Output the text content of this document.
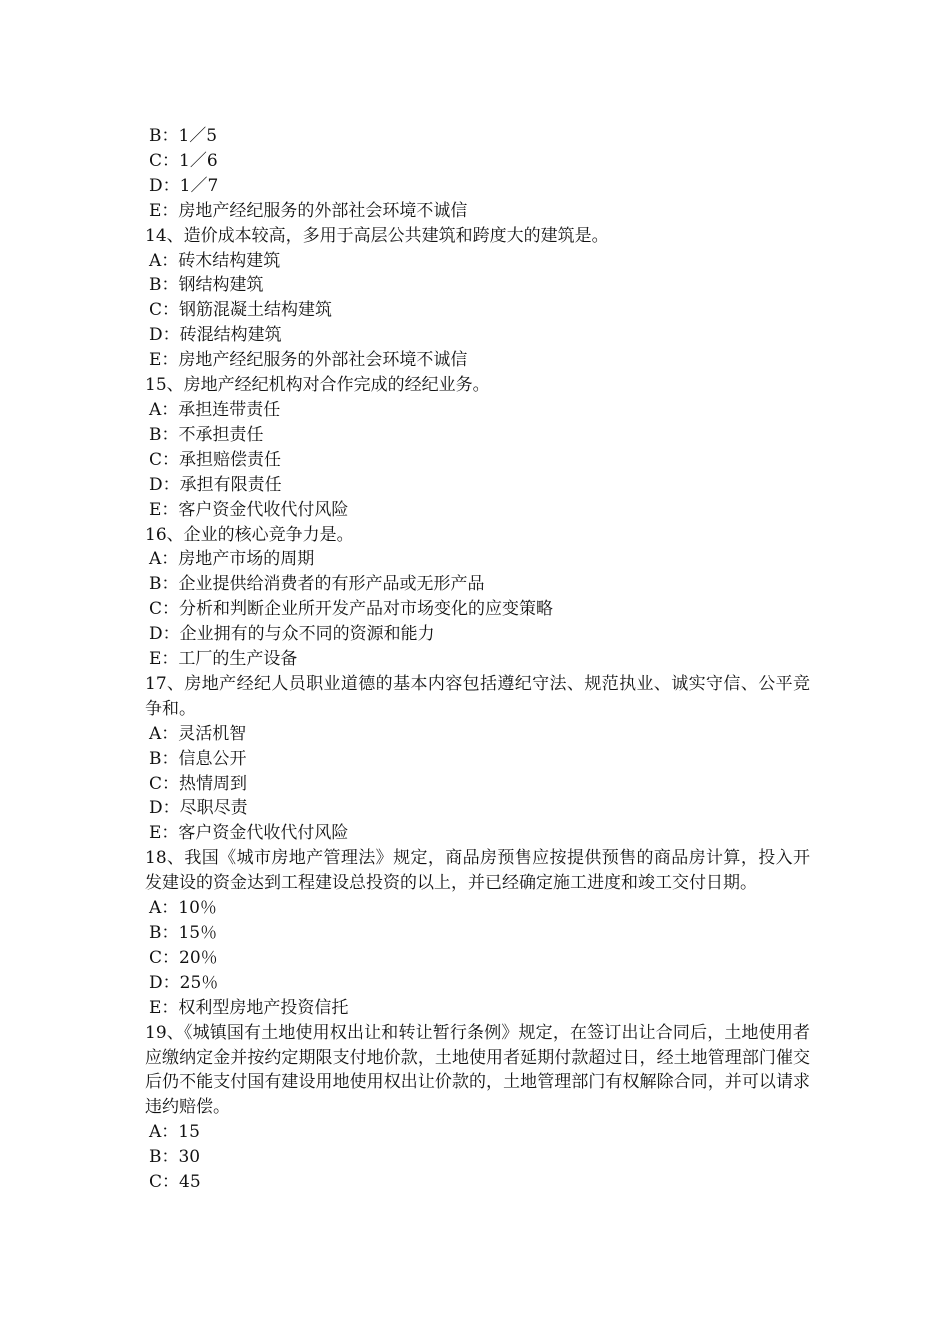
B：1／5
C：1／6
D：1／7
E：房地产经纪服务的外部社会环境不诚信
14、造价成本较高，多用于高层公共建筑和跨度大的建筑是。
A：砖木结构建筑
B：钢结构建筑
C：钢筋混凝土结构建筑
D：砖混结构建筑
E：房地产经纪服务的外部社会环境不诚信
15、房地产经纪机构对合作完成的经纪业务。
A：承担连带责任
B：不承担责任
C：承担赔偿责任
D：承担有限责任
E：客户资金代收代付风险
16、企业的核心竞争力是。
A：房地产市场的周期
B：企业提供给消费者的有形产品或无形产品
C：分析和判断企业所开发产品对市场变化的应变策略
D：企业拥有的与众不同的资源和能力
E：工厂的生产设备
17、房地产经纪人员职业道德的基本内容包括遵纪守法、规范执业、诚实守信、公平竞争和。
A：灵活机智
B：信息公开
C：热情周到
D：尽职尽责
E：客户资金代收代付风险
18、我国《城市房地产管理法》规定，商品房预售应按提供预售的商品房计算，投入开发建设的资金达到工程建设总投资的以上，并已经确定施工进度和竣工交付日期。
A：10％
B：15％
C：20％
D：25％
E：权利型房地产投资信托
19、《城镇国有土地使用权出让和转让暂行条例》规定，在签订出让合同后，土地使用者应缴纳定金并按约定期限支付地价款，土地使用者延期付款超过日，经土地管理部门催交后仍不能支付国有建设用地使用权出让价款的，土地管理部门有权解除合同，并可以请求违约赔偿。
A：15
B：30
C：45
